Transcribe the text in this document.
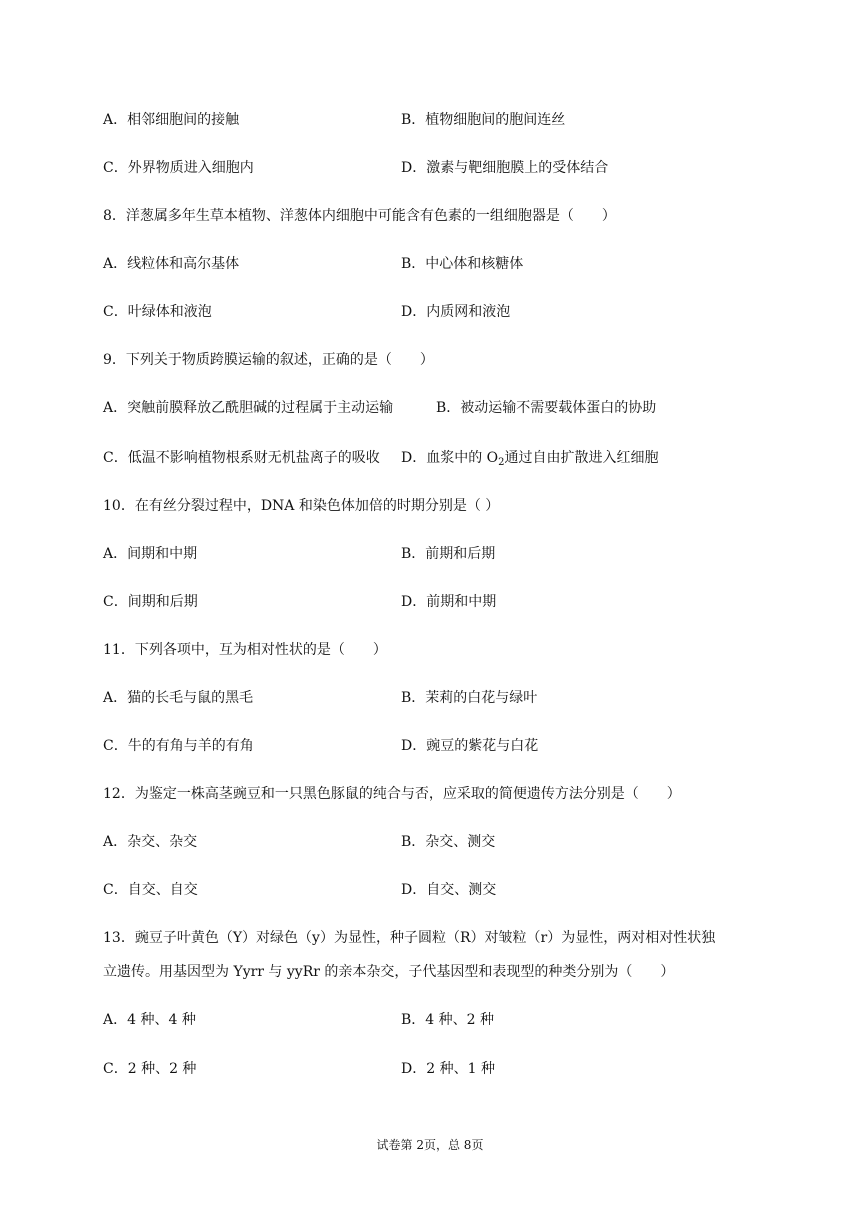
A．相邻细胞间的接触	B．植物细胞间的胞间连丝
C．外界物质进入细胞内	D．激素与靶细胞膜上的受体结合
8．洋葱属多年生草本植物、洋葱体内细胞中可能含有色素的一组细胞器是（　　）
A．线粒体和高尔基体	B．中心体和核糖体
C．叶绿体和液泡	D．内质网和液泡
9．下列关于物质跨膜运输的叙述，正确的是（　　）
A．突触前膜释放乙酰胆碱的过程属于主动运输	B．被动运输不需要载体蛋白的协助
C．低温不影响植物根系财无机盐离子的吸收 D．血浆中的 $O_2$通过自由扩散进入红细胞
10．在有丝分裂过程中，DNA 和染色体加倍的时期分别是（ ）
A．间期和中期	B．前期和后期
C．间期和后期	D．前期和中期
11．下列各项中，互为相对性状的是（　　）
A．猫的长毛与鼠的黑毛	B．茉莉的白花与绿叶
C．牛的有角与羊的有角	D．豌豆的紫花与白花
12．为鉴定一株高茎豌豆和一只黑色豚鼠的纯合与否，应采取的简便遗传方法分别是（　　）
A．杂交、杂交	B．杂交、测交
C．自交、自交	D．自交、测交
13．豌豆子叶黄色（Y）对绿色（y）为显性，种子圆粒（R）对皱粒（r）为显性，两对相对性状独
立遗传。用基因型为 Yyrr 与 yyRr 的亲本杂交，子代基因型和表现型的种类分别为（　　）
A．4 种、4 种	B．4 种、2 种
C．2 种、2 种	D．2 种、1 种
试卷第 2页，总 8页
